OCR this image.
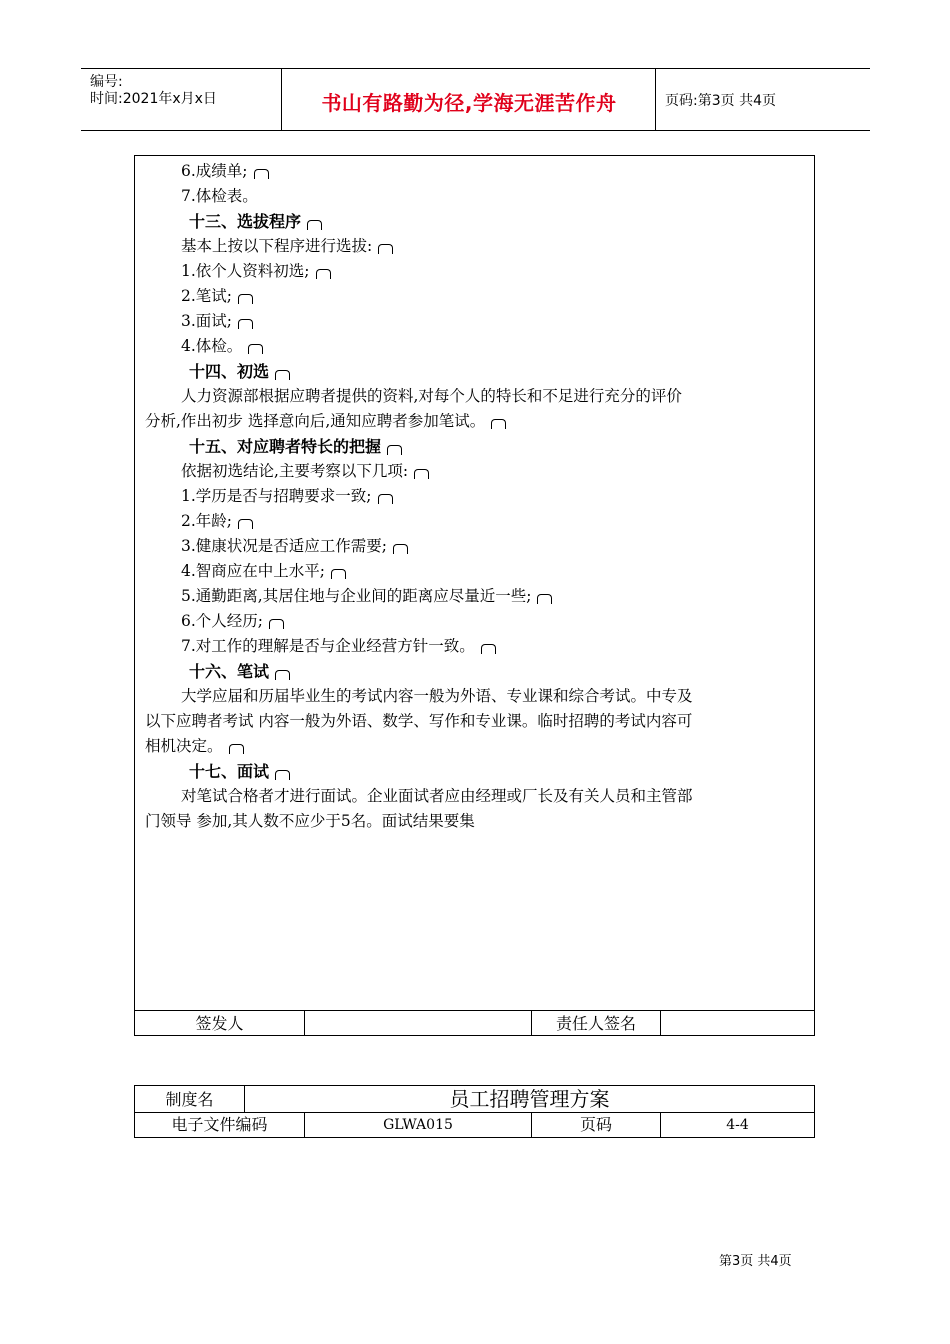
编号:
时间:2021年x月x日	书山有路勤为径,学海无涯苦作舟	页码:第3页 共4页
6.成绩单;
7.体检表。
十三、选拔程序
基本上按以下程序进行选拔:
1.依个人资料初选;
2.笔试;
3.面试;
4.体检。
十四、初选
人力资源部根据应聘者提供的资料,对每个人的特长和不足进行充分的评价
分析,作出初步 选择意向后,通知应聘者参加笔试。
十五、对应聘者特长的把握
依据初选结论,主要考察以下几项:
1.学历是否与招聘要求一致;
2.年龄;
3.健康状况是否适应工作需要;
4.智商应在中上水平;
5.通勤距离,其居住地与企业间的距离应尽量近一些;
6.个人经历;
7.对工作的理解是否与企业经营方针一致。
十六、笔试
大学应届和历届毕业生的考试内容一般为外语、专业课和综合考试。中专及
以下应聘者考试 内容一般为外语、数学、写作和专业课。临时招聘的考试内容可
相机决定。
十七、面试
对笔试合格者才进行面试。企业面试者应由经理或厂长及有关人员和主管部
门领导 参加,其人数不应少于5名。面试结果要集
签发人	责任人签名
制度名	员工招聘管理方案
电子文件编码	GLWA015	页码	4-4
第3页 共4页
